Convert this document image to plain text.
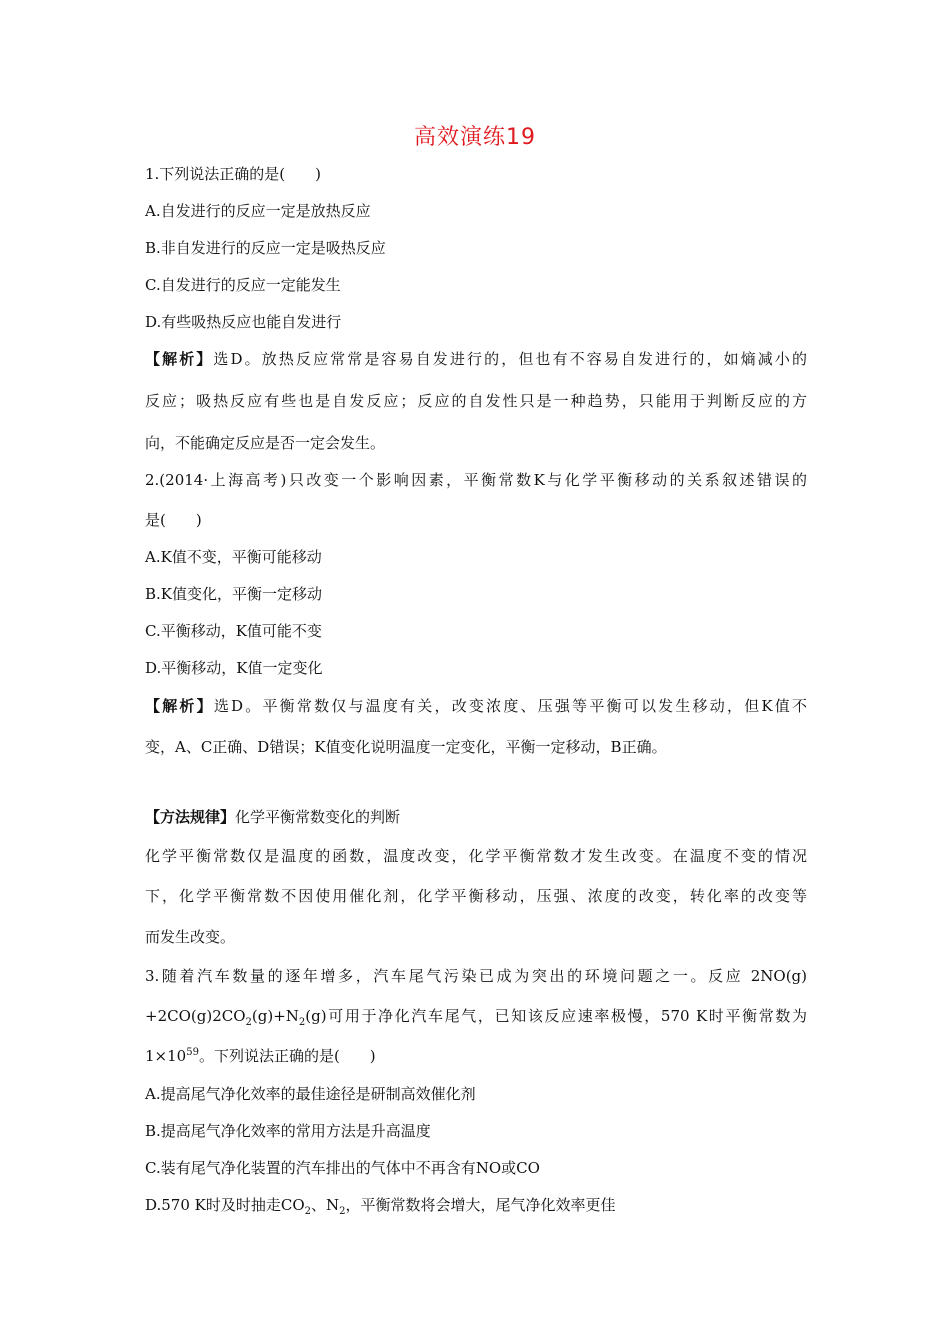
高效演练19
1.下列说法正确的是(　　)
A.自发进行的反应一定是放热反应
B.非自发进行的反应一定是吸热反应
C.自发进行的反应一定能发生
D.有些吸热反应也能自发进行
【解析】选D。放热反应常常是容易自发进行的，但也有不容易自发进行的，如熵减小的
反应；吸热反应有些也是自发反应；反应的自发性只是一种趋势，只能用于判断反应的方
向，不能确定反应是否一定会发生。
2.(2014·上海高考)只改变一个影响因素，平衡常数K与化学平衡移动的关系叙述错误的
是(　　)
A.K值不变，平衡可能移动
B.K值变化，平衡一定移动
C.平衡移动，K值可能不变
D.平衡移动，K值一定变化
【解析】选D。平衡常数仅与温度有关，改变浓度、压强等平衡可以发生移动，但K值不
变，A、C正确、D错误；K值变化说明温度一定变化，平衡一定移动，B正确。
【方法规律】化学平衡常数变化的判断
化学平衡常数仅是温度的函数，温度改变，化学平衡常数才发生改变。在温度不变的情况
下，化学平衡常数不因使用催化剂，化学平衡移动，压强、浓度的改变，转化率的改变等
而发生改变。
3.随着汽车数量的逐年增多，汽车尾气污染已成为突出的环境问题之一。反应 2NO(g)
$+2CO(g)2CO_2(g)+N_2(g)$可用于净化汽车尾气，已知该反应速率极慢，570 K时平衡常数为
$1\times 10^{59}$。下列说法正确的是(　　)
A.提高尾气净化效率的最佳途径是研制高效催化剂
B.提高尾气净化效率的常用方法是升高温度
C.装有尾气净化装置的汽车排出的气体中不再含有NO或CO
D.570 K时及时抽走$CO_2$、$N_2$，平衡常数将会增大，尾气净化效率更佳
